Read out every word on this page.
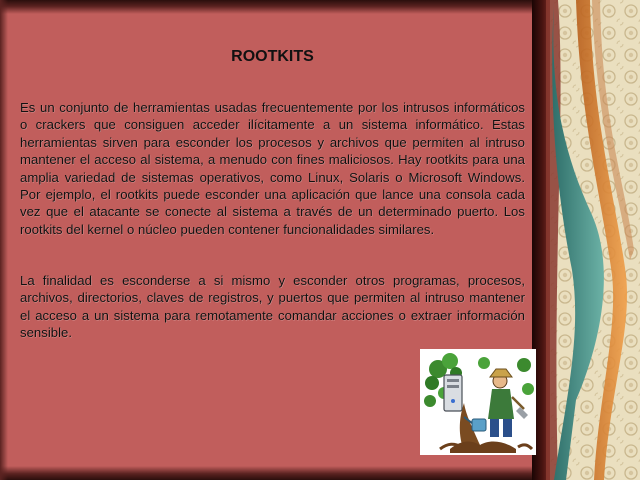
ROOTKITS

Es un conjunto de herramientas usadas frecuentemente por los intrusos informáticos o crackers que consiguen acceder ilícitamente a un sistema informático. Estas herramientas sirven para esconder los procesos y archivos que permiten al intruso mantener el acceso al sistema, a menudo con fines maliciosos. Hay rootkits para una amplia variedad de sistemas operativos, como Linux, Solaris o Microsoft Windows. Por ejemplo, el rootkits puede esconder una aplicación que lance una consola cada vez que el atacante se conecte al sistema a través de un determinado puerto. Los rootkits del kernel o núcleo pueden contener funcionalidades similares.

La finalidad es esconderse a si mismo y esconder otros programas, procesos, archivos, directorios, claves de registros, y puertos que permiten al intruso mantener el acceso a un sistema para remotamente comandar acciones o extraer información sensible.
